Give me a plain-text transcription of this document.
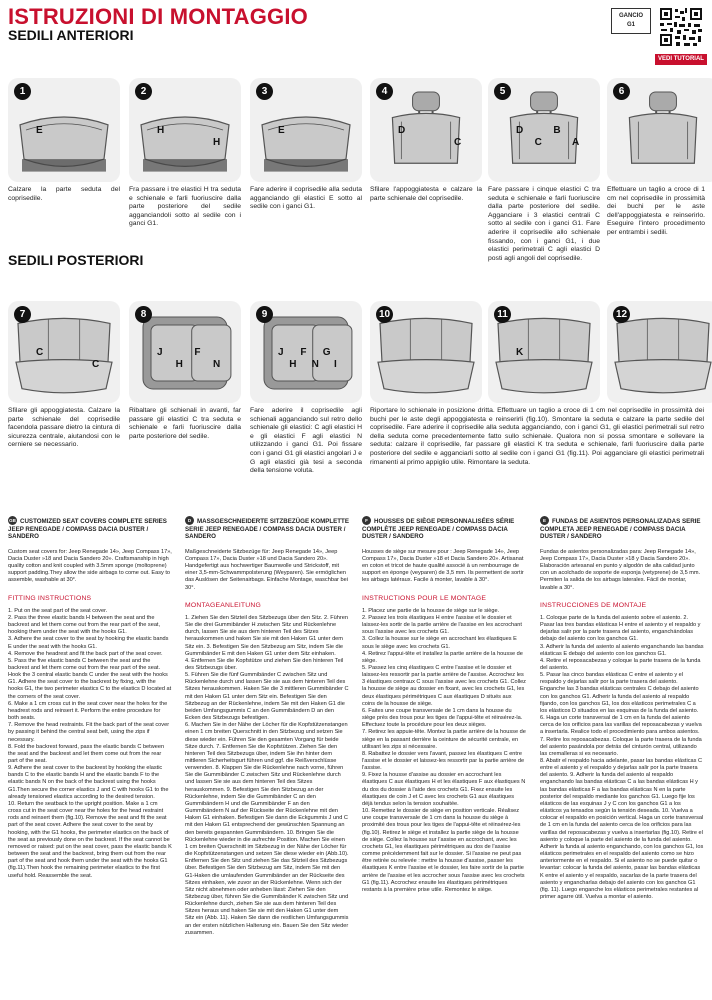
ISTRUZIONI DI MONTAGGIO
SEDILI ANTERIORI
GANCIO
G1
VEDI TUTORIAL
1
E
Calzare la parte seduta del coprisedile.
2
H
H
Fra passare i tre elastici H tra seduta e schienale e farli fuoriuscire dalla parte posteriore del sedile agganciandoli sotto al sedile con i ganci G1.
3
E
Fare aderire il coprisedile alla seduta agganciando gli elastici E sotto al sedile con i ganci G1.
4
D
C
Sfilare l'appoggiatesta e calzare la parte schienale del coprisedile.
5
D
C
B
A
Fare passare i cinque elastici C tra seduta e schienale e farli fuoriuscire dalla parte posteriore del sedile. Agganciare i 3 elastici centrali C sotto al sedile con i ganci G1. Fare aderire il coprisedile allo schienale fissando, con i ganci G1, i due elastici perimetrali C agli elastici D posti agli angoli del coprisedile.
6
Effettuare un taglio a croce di 1 cm nel coprisedile in prossimità dei buchi per le aste dell'appoggiatesta e reinserirlo. Eseguire l'intero procedimento per entrambi i sedili.
SEDILI POSTERIORI
7
C
C
Sfilare gli appoggiatesta. Calzare la parte schienale del coprisedile facendola passare dietro la cintura di sicurezza centrale, aiutandosi con le cerniere se necessario.
8
J
H
F
N
Ribaltare gli schienali in avanti, far passare gli elastici C tra seduta e schienale e farli fuoriuscire dalla parte posteriore del sedile.
9
J
H
F
N
G
I
Fare aderire il coprisedile agli schienali agganciando sul retro dello schienale gli elastici: C agli elastici H e gli elastici F agli elastici N utilizzando i ganci G1. Poi fissare con i ganci G1 gli elastici angolari J e G agli elastici già tesi a seconda della tensione voluta.
10	11
K
12
Riportare lo schienale in posizione dritta. Effettuare un taglio a croce di 1 cm nel coprisedile in prossimità dei buchi per le aste degli appoggiatesta e reinserirli (fig.10). Smontare la seduta e calzare la parte sedile del coprisedile. Fare aderire il coprisedile alla seduta agganciando, con i ganci G1, gli elastici perimetrali sul retro della seduta come precedentemente fatto sullo schienale. Qualora non si possa smontare e sollevare la seduta: calzare il coprisedile, far passare gli elastici K tra seduta e schienale, farli fuoriuscire dalla parte posteriore del sedile e agganciarli sotto al sedile con i ganci G1 (fig.11). Poi agganciare gli elastici perimetrali rimanenti al primo appiglio utile. Rimontare la seduta.
GB CUSTOMIZED SEAT COVERS COMPLETE SERIES JEEP RENEGADE / COMPASS DACIA DUSTER / SANDERO
Custom seat covers for: Jeep Renegade 14», Jeep Compass 17», Dacia Duster »18 and Dacia Sandero 20». Craftsmanship in high quality cotton and knit coupled with 3.5mm sponge (moltoprene) support padding.They allow the side airbags to come out. Easy to assemble, washable at 30°.
FITTING INSTRUCTIONS
1. Put on the seat part of the seat cover.
2. Pass the three elastic bands H between the seat and the backrest and let them come out from the rear part of the seat, hooking them under the seat with the hooks G1.
3. Adhere the seat cover to the seat by hooking the elastic bands E under the seat with the hooks G1.
4. Remove the headrest and fit the back part of the seat cover.
5. Pass the five elastic bands C between the seat and the backrest and let them come out from the rear part of the seat. Hook the 3 central elastic bands C under the seat with the hooks G1. Adhere the seat cover to the backrest by fixing, with the hooks G1, the two perimeter elastics C to the elastics D located at the corners of the seat cover.
6. Make a 1 cm cross cut in the seat cover near the holes for the headrest rods and reinsert it. Perform the entire procedure for both seats.
7. Remove the head restraints. Fit the back part of the seat cover by passing it behind the central seat belt, using the zips if necessary.
8. Fold the backrest forward, pass the elastic bands C between the seat and the backrest and let them come out from the rear part of the seat.
9. Adhere the seat cover to the backrest by hooking the elastic bands C to the elastic bands H and the elastic bands F to the elastic bands N on the back of the backrest using the hooks G1.Then secure the corner elastics J and C with hooks G1 to the already tensioned elastics according to the desired tension.
10. Return the seatback to the upright position. Make a 1 cm cross cut in the seat cover near the holes for the head restraint rods and reinsert them (fig.10). Remove the seat and fit the seat part of the seat cover. Adhere the seat cover to the seat by hooking, with the G1 hooks, the perimeter elastics on the back of the seat as previously done on the backrest. If the seat cannot be removed or raised: put on the seat cover, pass the elastic bands K between the seat and the backrest, bring them out from the rear part of the seat and hook them under the seat with the hooks G1 (fig.11).Then hook the remaining perimeter elastics to the first useful hold. Reassemble the seat.
D MASSGESCHNEIDERTE SITZBEZÜGE KOMPLETTE SERIE JEEP RENEGADE / COMPASS DACIA DUSTER / SANDERO
Maßgeschneiderte Sitzbezüge für: Jeep Renegade 14», Jeep Compass 17», Dacia Duster »18 und Dacia Sandero 20». Handgefertigt aus hochwertiger Baumwolle und Strickstoff, mit einer 3,5-mm-Schwammpolsterung (Weyparen). Sie ermöglichen das Auslösen der Seitenairbags. Einfache Montage, waschbar bei 30°.
MONTAGEANLEITUNG
1. Ziehen Sie den Sitzteil des Sitzbezugs über den Sitz. 2. Führen Sie die drei Gummibänder H zwischen Sitz und Rückenlehne durch, lassen Sie sie aus dem hinteren Teil des Sitzes herauskommen und haken Sie sie mit den Haken G1 unter dem Sitz ein. 3. Befestigen Sie den Sitzbezug am Sitz, indem Sie die Gummibänder E mit den Haken G1 unter dem Sitz einhaken.
4. Entfernen Sie die Kopfstütze und ziehen Sie den hinteren Teil des Sitzbezugs über.
5. Führen Sie die fünf Gummibänder C zwischen Sitz und Rückenlehne durch und lassen Sie sie aus dem hinteren Teil des Sitzes herauskommen. Haken Sie die 3 mittleren Gummibänder C mit den Haken G1 unter dem Sitz ein. Befestigen Sie den Sitzbezug an der Rückenlehne, indem Sie mit den Haken G1 die beiden Umfangsgummis C an den Gummibändern D an den Ecken des Sitzbezugs befestigen.
6. Machen Sie in der Nähe der Löcher für die Kopfstützenstangen einen 1 cm breiten Querschnitt in den Sitzbezug und setzen Sie diese wieder ein. Führen Sie den gesamten Vorgang für beide Sitze durch. 7. Entfernen Sie die Kopfstützen. Ziehen Sie den hinteren Teil des Sitzbezugs über, indem Sie ihn hinter dem mittleren Sicherheitsgurt führen und ggf. die Reißverschlüsse verwenden. 8. Klappen Sie die Rückenlehne nach vorne, führen Sie die Gummibänder C zwischen Sitz und Rückenlehne durch und lassen Sie sie aus dem hinteren Teil des Sitzes herauskommen. 9. Befestigen Sie den Sitzbezug an der Rückenlehne, indem Sie die Gummibänder C an den Gummibändern H und die Gummibänder F an den Gummibändern N auf der Rückseite der Rückenlehne mit den Haken G1 einhaken. Befestigen Sie dann die Eckgummis J und C mit den Haken G1 entsprechend der gewünschten Spannung an den bereits gespannten Gummibändern. 10. Bringen Sie die Rückenlehne wieder in die aufrechte Position. Machen Sie einen 1 cm breiten Querschnitt im Sitzbezug in der Nähe der Löcher für die Kopfstützenstangen und setzen Sie diese wieder ein (Abb.10). Entfernen Sie den Sitz und ziehen Sie das Sitzteil des Sitzbezugs über. Befestigen Sie den Sitzbezug am Sitz, indem Sie mit den G1-Haken die umlaufenden Gummibänder an der Rückseite des Sitzes einhaken, wie zuvor an der Rückenlehne. Wenn sich der Sitz nicht abnehmen oder anheben lässt: Ziehen Sie den Sitzbezug über, führen Sie die Gummibänder K zwischen Sitz und Rückenlehne durch, ziehen Sie sie aus dem hinteren Teil des Sitzes heraus und haken Sie sie mit den Haken G1 unter dem Sitz ein (Abb. 11). Haken Sie dann die restlichen Umfangsgummis an der ersten nützlichen Halterung ein. Bauen Sie den Sitz wieder zusammen.
F HOUSSES DE SIÈGE PERSONNALISÉES SÉRIE COMPLÈTE JEEP RENEGADE / COMPASS DACIA DUSTER / SANDERO
Housses de siège sur mesure pour : Jeep Renegade 14», Jeep Compass 17», Dacia Duster »18 et Dacia Sandero 20». Artisanat en coton et tricot de haute qualité associé à un rembourrage de support en éponge (veyparen) de 3,5 mm. Ils permettent de sortir les airbags latéraux. Facile à monter, lavable à 30°.
INSTRUCTIONS POUR LE MONTAGE
1. Placez une partie de la housse de siège sur le siège.
2. Passez les trois élastiques H entre l'assise et le dossier et laissez-les sortir de la partie arrière de l'assise en les accrochant sous l'assise avec les crochets G1.
3. Collez la housse sur le siège en accrochant les élastiques E sous le siège avec les crochets G1.
4. Retirez l'appui-tête et installez la partie arrière de la housse de siège.
5. Passez les cinq élastiques C entre l'assise et le dossier et laissez-les ressortir par la partie arrière de l'assise. Accrochez les 3 élastiques centraux C sous l'assise avec les crochets G1. Collez la housse de siège au dossier en fixant, avec les crochets G1, les deux élastiques périmétriques C aux élastiques D situés aux coins de la housse de siège.
6. Faites une coupe transversale de 1 cm dans la housse du siège près des trous pour les tiges de l'appui-tête et réinsérez-la. Effectuez toute la procédure pour les deux sièges.
7. Retirez les appuie-tête. Montez la partie arrière de la housse de siège en la passant derrière la ceinture de sécurité centrale, en utilisant les zips si nécessaire.
8. Rabattez le dossier vers l'avant, passez les élastiques C entre l'assise et le dossier et laissez-les ressortir par la partie arrière de l'assise.
9. Fixez la housse d'assise au dossier en accrochant les élastiques C aux élastiques H et les élastiques F aux élastiques N du dos du dossier à l'aide des crochets G1. Fixez ensuite les élastiques de coin J et C avec les crochets G1 aux élastiques déjà tendus selon la tension souhaitée.
10. Remettez le dossier de siège en position verticale. Réalisez une coupe transversale de 1 cm dans la housse du siège à proximité des trous pour les tiges de l'appui-tête et réinsérez-les (fig.10). Retirez le siège et installez la partie siège de la housse de siège. Collez la housse sur l'assise en accrochant, avec les crochets G1, les élastiques périmétriques au dos de l'assise comme précédemment fait sur le dossier. Si l'assise ne peut pas être retirée ou relevée : mettre la housse d'assise, passer les élastiques K entre l'assise et le dossier, les faire sortir de la partie arrière de l'assise et les accrocher sous l'assise avec les crochets G1 (fig.11). Accrochez ensuite les élastiques périmétriques restants à la première prise utile. Remontez le siège.
E FUNDAS DE ASIENTOS PERSONALIZADAS SERIE COMPLETA JEEP RENEGADE / COMPASS DACIA DUSTER / SANDERO
Fundas de asientos personalizadas para: Jeep Renegade 14», Jeep Compass 17», Dacia Duster »18 y Dacia Sandero 20». Elaboración artesanal en punto y algodón de alta calidad junto con un acolchado de soporte de esponja (vetyprene) de 3,5 mm. Permiten la salida de los airbags laterales. Fácil de montar, lavable a 30°.
INSTRUCCIONES DE MONTAJE
1. Coloque parte de la funda del asiento sobre el asiento. 2. Pasar las tres bandas elásticas H entre el asiento y el respaldo y dejarlas salir por la parte trasera del asiento, enganchándolas debajo del asiento con los ganchos G1.
3. Adherir la funda del asiento al asiento enganchando las bandas elásticas E debajo del asiento con los ganchos G1.
4. Retire el reposacabezas y coloque la parte trasera de la funda del asiento.
5. Pasar las cinco bandas elásticas C entre el asiento y el respaldo y dejarlas salir por la parte trasera del asiento. Enganche las 3 bandas elásticas centrales C debajo del asiento con los ganchos G1. Adherir la funda del asiento al respaldo fijando, con los ganchos G1, los dos elásticos perimetrales C a los elásticos D situados en las esquinas de la funda del asiento.
6. Haga un corte transversal de 1 cm en la funda del asiento cerca de los orificios para las varillas del reposacabezas y vuelva a insertarla. Realice todo el procedimiento para ambos asientos.
7. Retire los reposacabezas. Coloque la parte trasera de la funda del asiento pasándola por detrás del cinturón central, utilizando las cremalleras si es necesario.
8. Abatir el respaldo hacia adelante, pasar las bandas elásticas C entre el asiento y el respaldo y dejarlas salir por la parte trasera del asiento. 9. Adherir la funda del asiento al respaldo enganchando las bandas elásticas C a las bandas elásticas H y las bandas elásticas F a las bandas elásticas N en la parte posterior del respaldo mediante los ganchos G1. Luego fije los elásticos de las esquinas J y C con los ganchos G1 a los elásticos ya tensados según la tensión deseada. 10. Vuelva a colocar el respaldo en posición vertical. Haga un corte transversal de 1 cm en la funda del asiento cerca de los orificios para las varillas del reposacabezas y vuelva a insertarlas (fig.10). Retire el asiento y coloque la parte del asiento de la funda del asiento. Adherir la funda al asiento enganchando, con los ganchos G1, los elásticos perimetrales en el respaldo del asiento como se hizo anteriormente en el respaldo. Si el asiento no se puede quitar o levantar: colocar la funda del asiento, pasar las bandas elásticas K entre el asiento y el respaldo, sacarlas de la parte trasera del asiento y engancharlas debajo del asiento con los ganchos G1 (fig. 11). Luego enganche los elásticos perimetrales restantes al primer agarre útil. Vuelva a montar el asiento.
